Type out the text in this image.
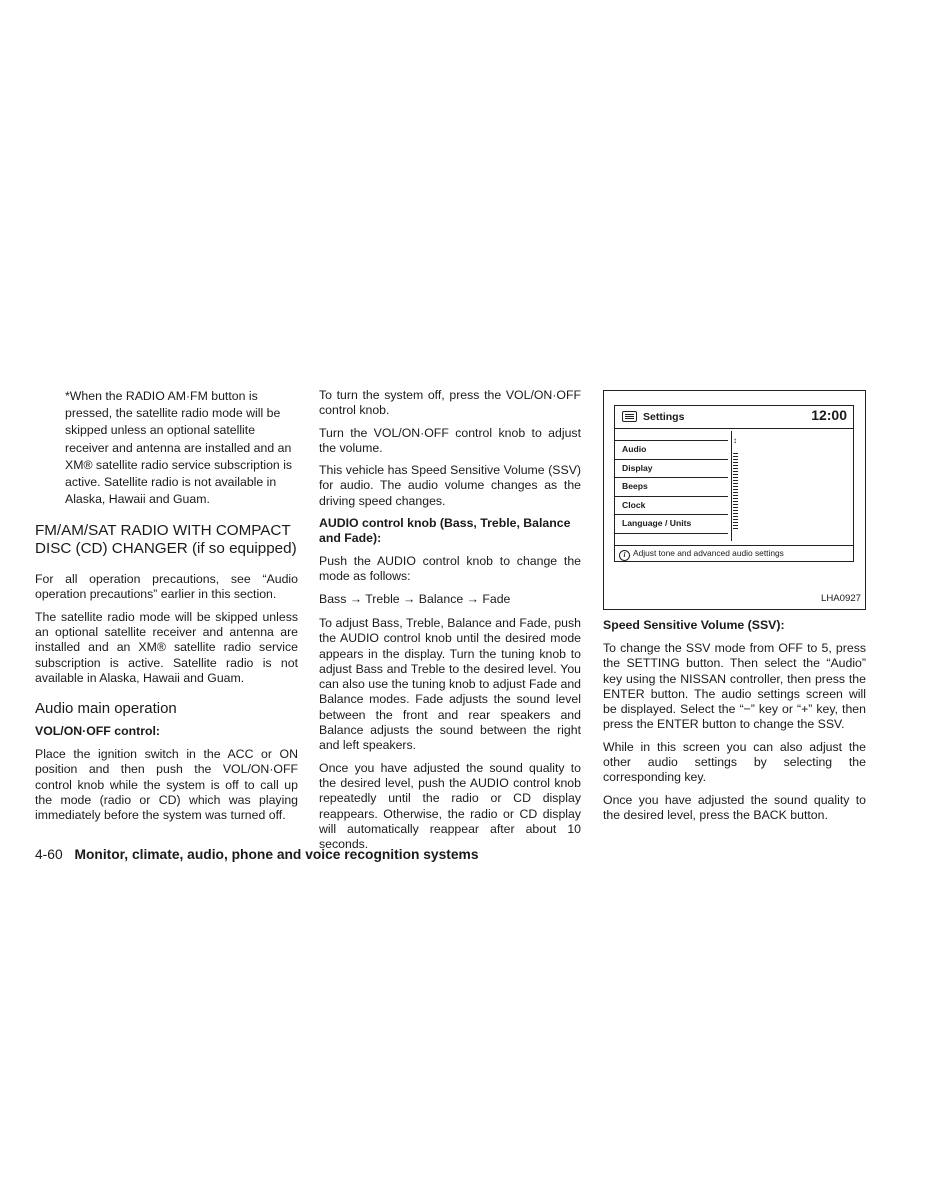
*When the RADIO AM·FM button is pressed, the satellite radio mode will be skipped unless an optional satellite receiver and antenna are installed and an XM® satellite radio service subscription is active. Satellite radio is not available in Alaska, Hawaii and Guam.

FM/AM/SAT RADIO WITH COMPACT DISC (CD) CHANGER (if so equipped)

For all operation precautions, see “Audio operation precautions” earlier in this section.

The satellite radio mode will be skipped unless an optional satellite receiver and antenna are installed and an XM® satellite radio service subscription is active. Satellite radio is not available in Alaska, Hawaii and Guam.

Audio main operation
VOL/ON·OFF control:

Place the ignition switch in the ACC or ON position and then push the VOL/ON·OFF control knob while the system is off to call up the mode (radio or CD) which was playing immediately before the system was turned off.

To turn the system off, press the VOL/ON·OFF control knob.

Turn the VOL/ON·OFF control knob to adjust the volume.

This vehicle has Speed Sensitive Volume (SSV) for audio. The audio volume changes as the driving speed changes.

AUDIO control knob (Bass, Treble, Balance and Fade):

Push the AUDIO control knob to change the mode as follows:

Bass → Treble → Balance → Fade

To adjust Bass, Treble, Balance and Fade, push the AUDIO control knob until the desired mode appears in the display. Turn the tuning knob to adjust Bass and Treble to the desired level. You can also use the tuning knob to adjust Fade and Balance modes. Fade adjusts the sound level between the front and rear speakers and Balance adjusts the sound between the right and left speakers.

Once you have adjusted the sound quality to the desired level, push the AUDIO control knob repeatedly until the radio or CD display reappears. Otherwise, the radio or CD display will automatically reappear after about 10 seconds.

Settings	12:00
Audio
Display
Beeps
Clock
Language / Units
↕
i Adjust tone and advanced audio settings
LHA0927
Speed Sensitive Volume (SSV):

To change the SSV mode from OFF to 5, press the SETTING button. Then select the “Audio” key using the NISSAN controller, then press the ENTER button. The audio settings screen will be displayed. Select the “−” key or “+” key, then press the ENTER button to change the SSV.

While in this screen you can also adjust the other audio settings by selecting the corresponding key.

Once you have adjusted the sound quality to the desired level, press the BACK button.

4-60 Monitor, climate, audio, phone and voice recognition systems
